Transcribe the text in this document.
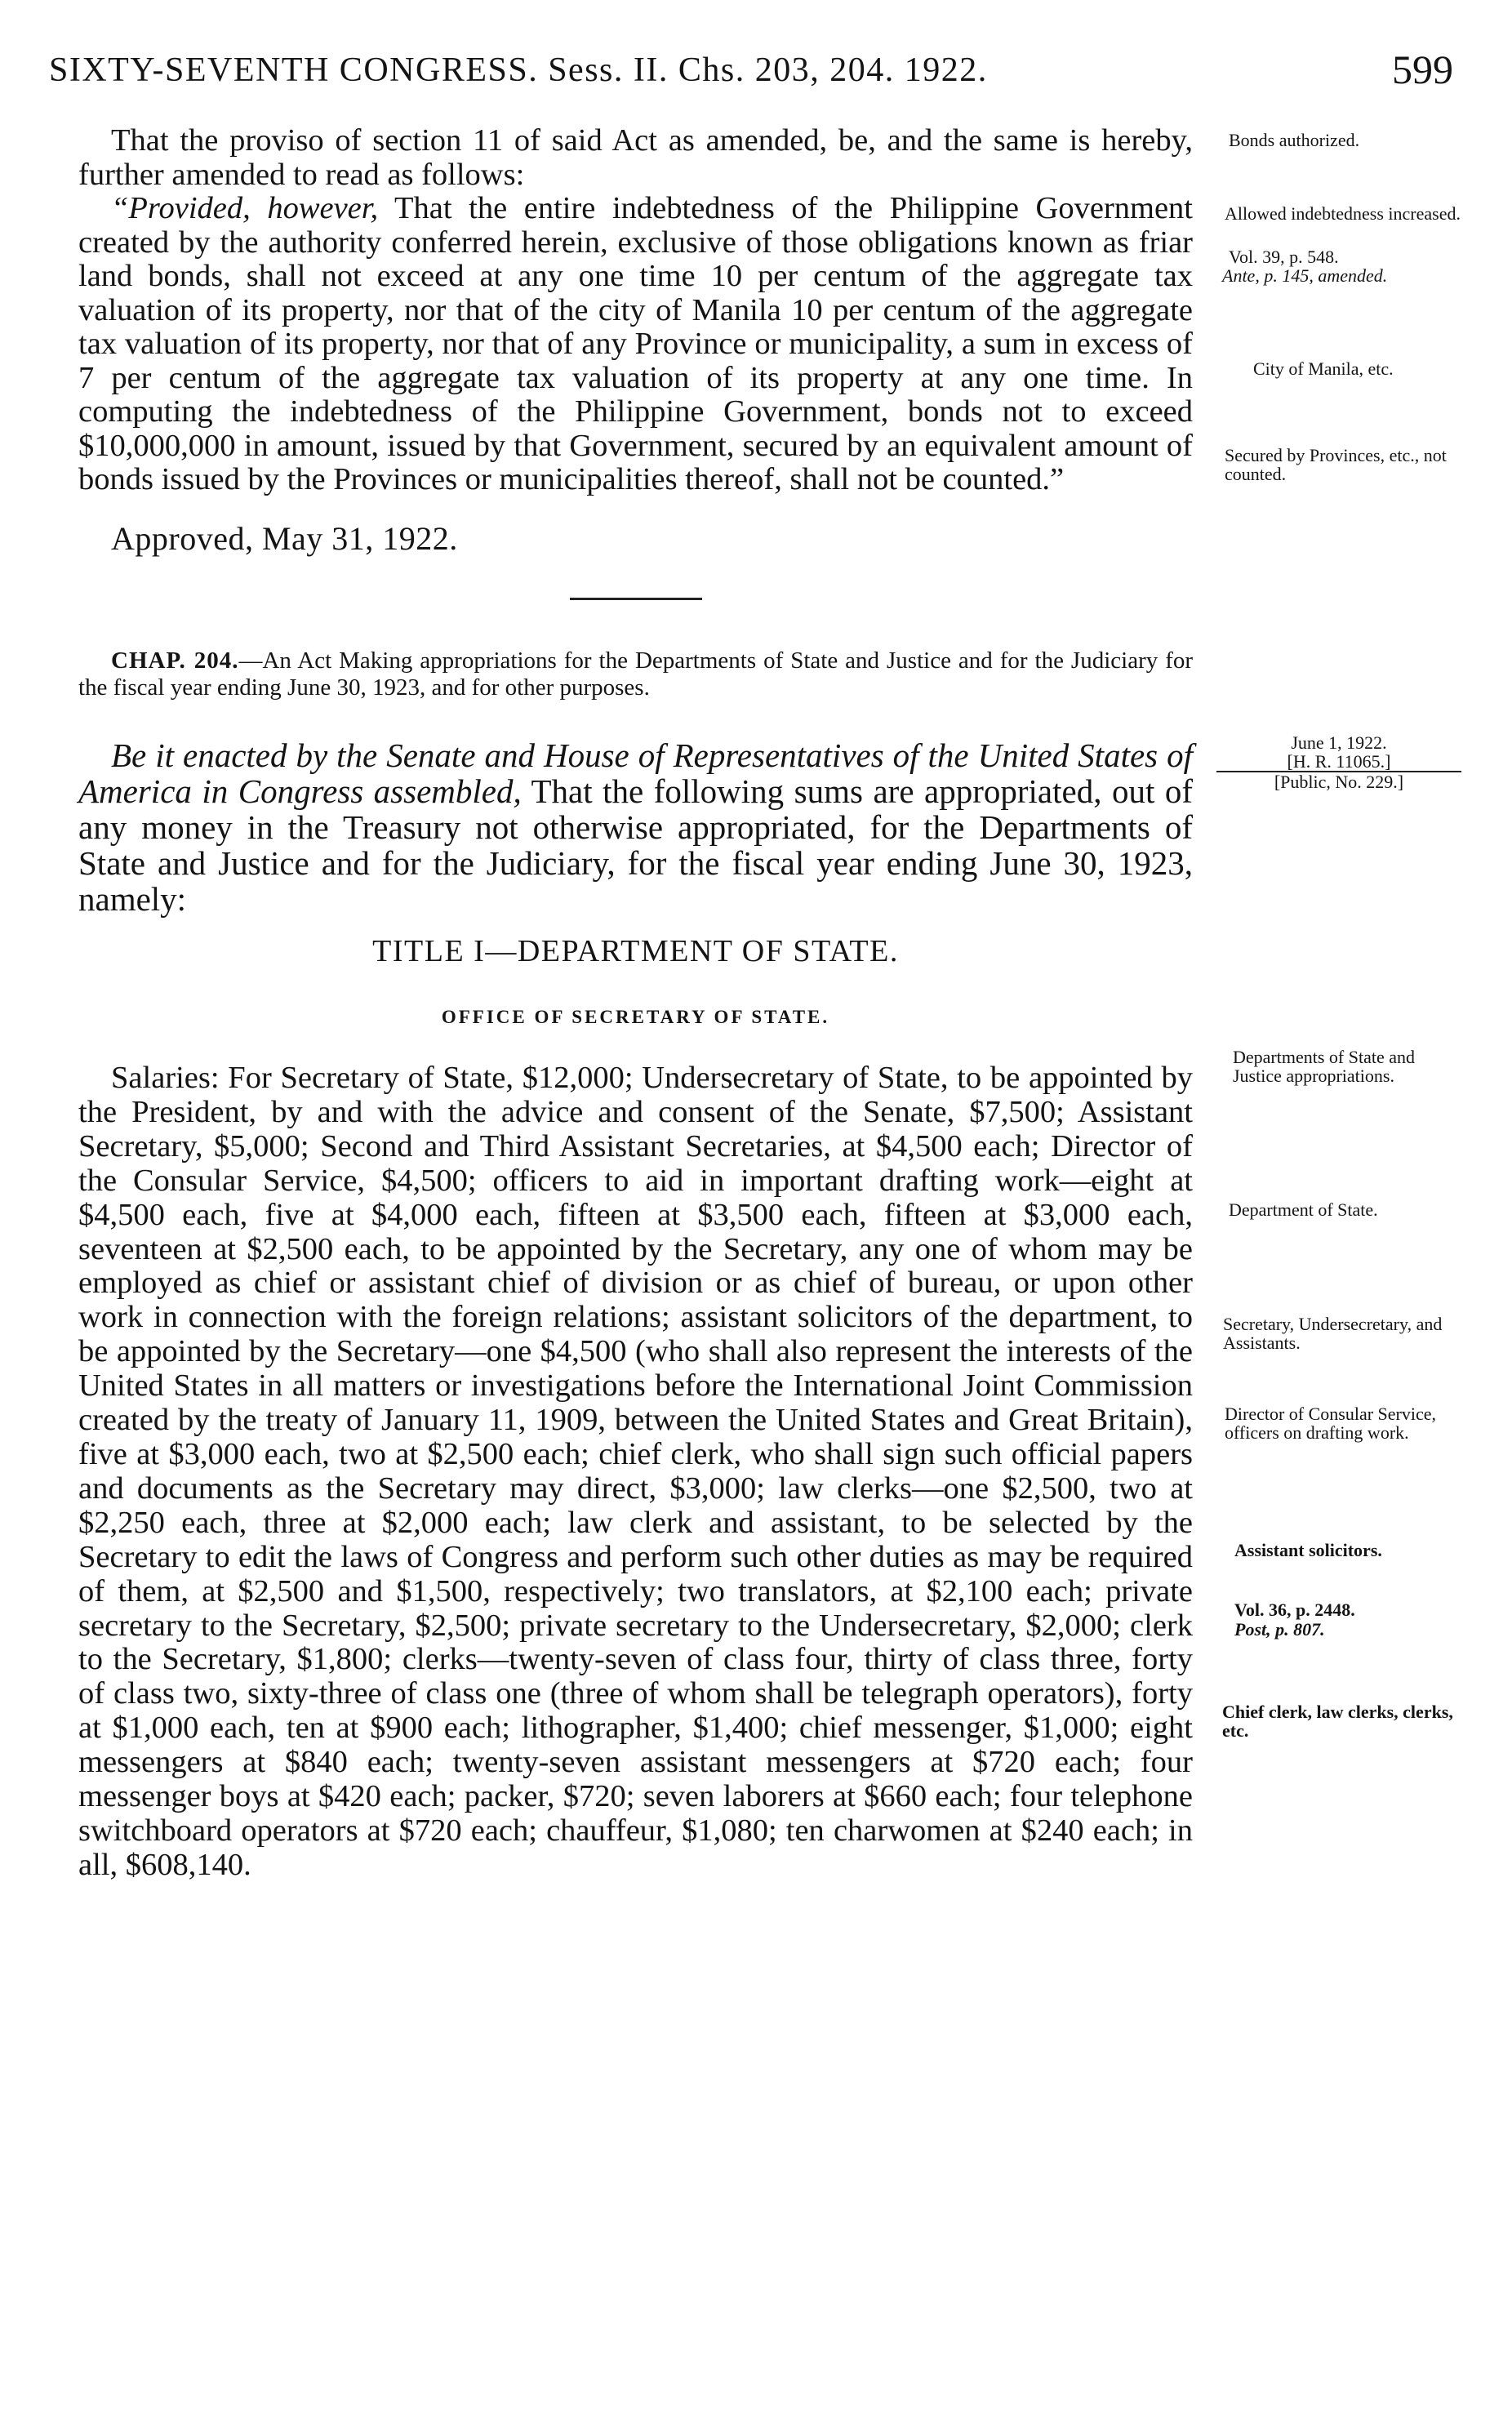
SIXTY-SEVENTH CONGRESS. Sess. II. Chs. 203, 204. 1922.	599

That the proviso of section 11 of said Act as amended, be, and the same is hereby, further amended to read as follows:

“Provided, however, That the entire indebtedness of the Philippine Government created by the authority conferred herein, exclusive of those obligations known as friar land bonds, shall not exceed at any one time 10 per centum of the aggregate tax valuation of its property, nor that of the city of Manila 10 per centum of the aggregate tax valuation of its property, nor that of any Province or municipality, a sum in excess of 7 per centum of the aggregate tax valuation of its property at any one time. In computing the indebtedness of the Philippine Government, bonds not to exceed $10,000,000 in amount, issued by that Government, secured by an equivalent amount of bonds issued by the Provinces or municipalities thereof, shall not be counted.”

Approved, May 31, 1922.

CHAP. 204.—An Act Making appropriations for the Departments of State and Justice and for the Judiciary for the fiscal year ending June 30, 1923, and for other purposes.

Be it enacted by the Senate and House of Representatives of the United States of America in Congress assembled, That the following sums are appropriated, out of any money in the Treasury not otherwise appropriated, for the Departments of State and Justice and for the Judiciary, for the fiscal year ending June 30, 1923, namely:

TITLE I—DEPARTMENT OF STATE.

OFFICE OF SECRETARY OF STATE.

Salaries: For Secretary of State, $12,000; Undersecretary of State, to be appointed by the President, by and with the advice and consent of the Senate, $7,500; Assistant Secretary, $5,000; Second and Third Assistant Secretaries, at $4,500 each; Director of the Consular Service, $4,500; officers to aid in important drafting work—eight at $4,500 each, five at $4,000 each, fifteen at $3,500 each, fifteen at $3,000 each, seventeen at $2,500 each, to be appointed by the Secretary, any one of whom may be employed as chief or assistant chief of division or as chief of bureau, or upon other work in connection with the foreign relations; assistant solicitors of the department, to be appointed by the Secretary—one $4,500 (who shall also represent the interests of the United States in all matters or investigations before the International Joint Commission created by the treaty of January 11, 1909, between the United States and Great Britain), five at $3,000 each, two at $2,500 each; chief clerk, who shall sign such official papers and documents as the Secretary may direct, $3,000; law clerks—one $2,500, two at $2,250 each, three at $2,000 each; law clerk and assistant, to be selected by the Secretary to edit the laws of Congress and perform such other duties as may be required of them, at $2,500 and $1,500, respectively; two translators, at $2,100 each; private secretary to the Secretary, $2,500; private secretary to the Undersecretary, $2,000; clerk to the Secretary, $1,800; clerks—twenty-seven of class four, thirty of class three, forty of class two, sixty-three of class one (three of whom shall be telegraph operators), forty at $1,000 each, ten at $900 each; lithographer, $1,400; chief messenger, $1,000; eight messengers at $840 each; twenty-seven assistant messengers at $720 each; four messenger boys at $420 each; packer, $720; seven laborers at $660 each; four telephone switchboard operators at $720 each; chauffeur, $1,080; ten charwomen at $240 each; in all, $608,140.

Bonds authorized.
Allowed indebtedness increased.
Vol. 39, p. 548.
Ante, p. 145, amended.
City of Manila, etc.
Secured by Provinces, etc., not counted.
June 1, 1922.
[H. R. 11065.]
[Public, No. 229.]
Departments of State and Justice appropriations.
Department of State.
Secretary, Undersecretary, and Assistants.
Director of Consular Service, officers on drafting work.
Assistant solicitors.
Vol. 36, p. 2448.
Post, p. 807.
Chief clerk, law clerks, clerks, etc.
